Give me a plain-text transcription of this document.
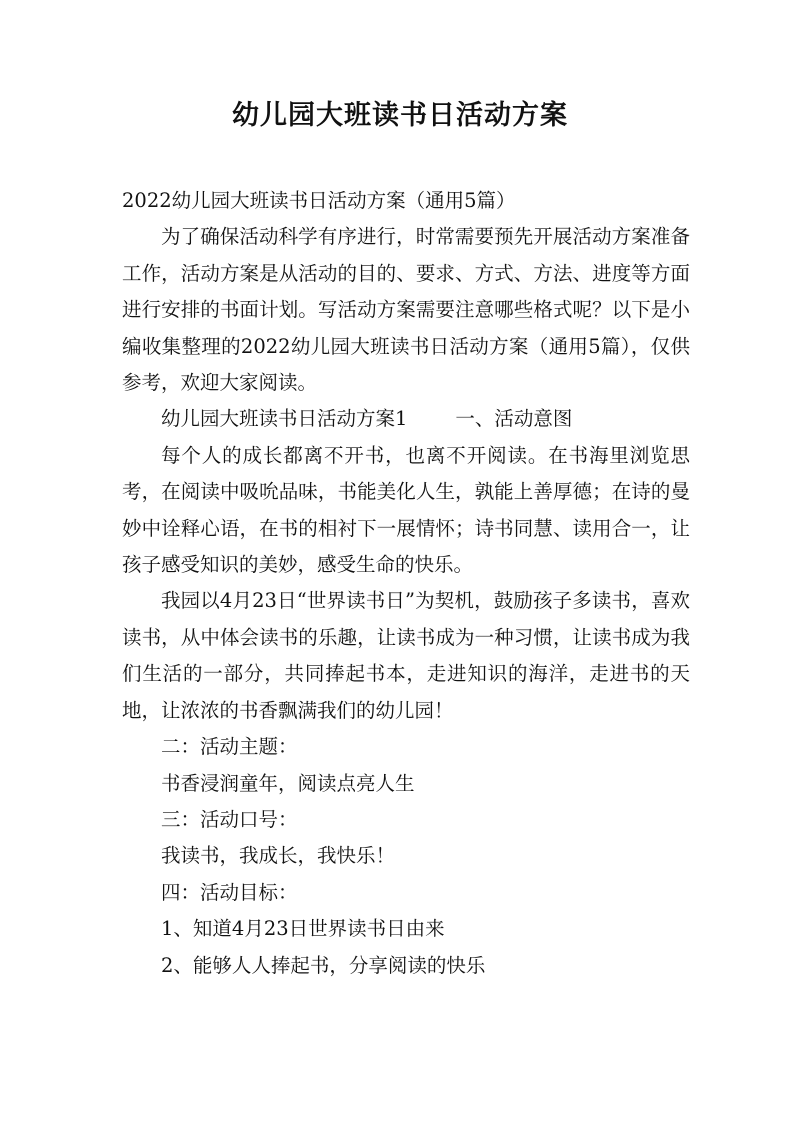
幼儿园大班读书日活动方案

2022幼儿园大班读书日活动方案（通用5篇）

为了确保活动科学有序进行，时常需要预先开展活动方案准备工作，活动方案是从活动的目的、要求、方式、方法、进度等方面进行安排的书面计划。写活动方案需要注意哪些格式呢？以下是小编收集整理的2022幼儿园大班读书日活动方案（通用5篇），仅供参考，欢迎大家阅读。

幼儿园大班读书日活动方案1 一、活动意图

每个人的成长都离不开书，也离不开阅读。在书海里浏览思考，在阅读中吸吮品味，书能美化人生，孰能上善厚德；在诗的曼妙中诠释心语，在书的相衬下一展情怀；诗书同慧、读用合一，让孩子感受知识的美妙，感受生命的快乐。

我园以4月23日“世界读书日”为契机，鼓励孩子多读书，喜欢读书，从中体会读书的乐趣，让读书成为一种习惯，让读书成为我们生活的一部分，共同捧起书本，走进知识的海洋，走进书的天地，让浓浓的书香飘满我们的幼儿园！

二：活动主题：

书香浸润童年，阅读点亮人生

三：活动口号：

我读书，我成长，我快乐！

四：活动目标：

1、知道4月23日世界读书日由来

2、能够人人捧起书，分享阅读的快乐
